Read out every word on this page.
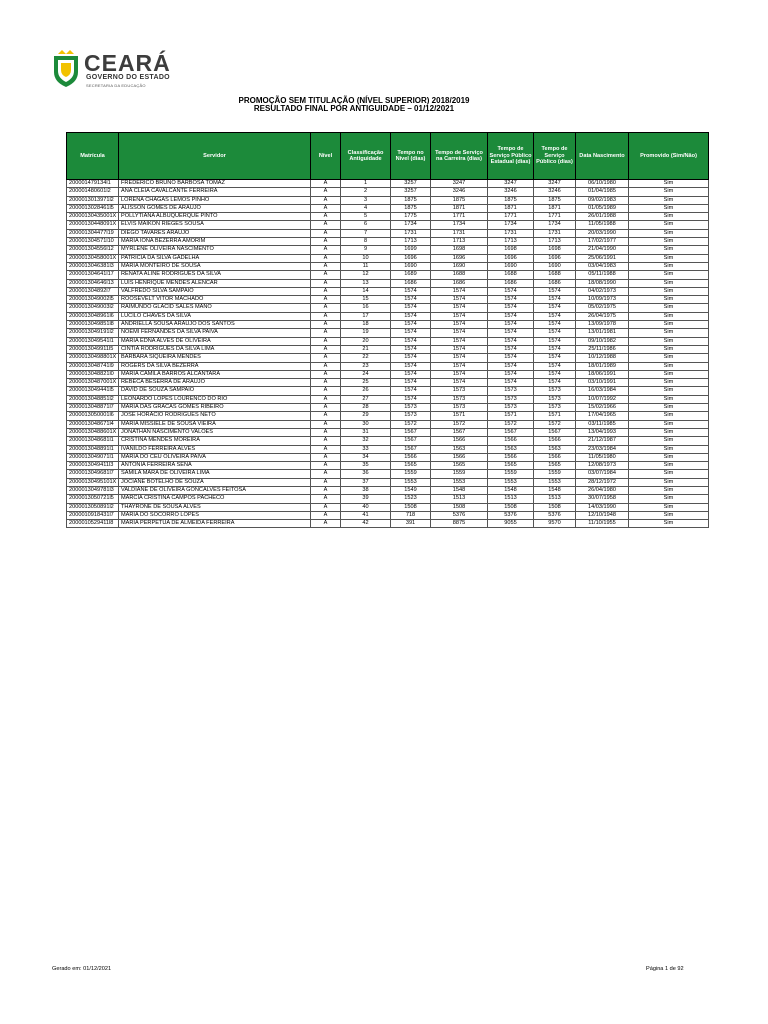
CEARÁ
GOVERNO DO ESTADO
SECRETARIA DA EDUCAÇÃO
PROMOÇÃO SEM TITULAÇÃO (NÍVEL SUPERIOR) 2018/2019
RESULTADO FINAL POR ANTIGUIDADE – 01/12/2021
Matrícula	Servidor	Nível	Classificação Antiguidade	Tempo no Nível (dias)	Tempo de Serviço na Carreira (dias)	Tempo de Serviço Público Estadual (dias)	Tempo de Serviço Público (dias)	Data Nascimento	Promovido (Sim/Não)
200001479134l1	FREDERICO BRUNO BARBOSA TOMAZ	A	1	3257	3247	3247	3247	06/10/1980	Sim
200001480601l2	ANA CLEIA CAVALCANTE FERREIRA	A	2	3257	3246	3246	3246	01/04/1985	Sim
2000013013971l2	LORENA CHAGAS LEMOS PINHO	A	3	1875	1875	1875	1875	09/02/1983	Sim
2000013028461l5	ALISSON GOMES DE ARAUJO	A	4	1875	1871	1871	1871	01/05/1989	Sim
20000130435001X	POLLYTIANA ALBUQUERQUE PINTO	A	5	1775	1771	1771	1771	26/01/1988	Sim
20000130448091X	ELVIS MAIKON RIEGES SOUSA	A	6	1734	1734	1734	1734	11/05/1988	Sim
200001304477l19	DIEGO TAVARES ARAUJO	A	7	1731	1731	1731	1731	20/03/1990	Sim
200001304571l10	MARIA IONA BEZERRA AMORIM	A	8	1713	1713	1713	1713	17/02/1977	Sim
200001304556l12	MYRLENE OLIVEIRA NASCIMENTO	A	9	1699	1698	1698	1698	21/04/1990	Sim
20000130458001X	PATRICIA DA SILVA GADELHA	A	10	1696	1696	1696	1696	25/06/1991	Sim
2000013046381l3	MARIA MONTEIRO DE SOUSA	A	11	1690	1690	1690	1690	03/04/1983	Sim
200001304641l17	RENATA ALINE RODRIGUES DA SILVA	A	12	1689	1688	1688	1688	05/11/1988	Sim
200001304646l13	LUIS HENRIQUE MENDES ALENCAR	A	13	1686	1686	1686	1686	18/08/1990	Sim
200001304892l7	VALFREDO SILVA SAMPAIO	A	14	1574	1574	1574	1574	04/02/1973	Sim
2000013049002l5	ROOSEVELT VITOR MACHADO	A	15	1574	1574	1574	1574	10/09/1973	Sim
2000013049003l2	RAIMUNDO GLACID SALES MANO	A	16	1574	1574	1574	1574	05/02/1975	Sim
2000013048961l6	LUCILO CHAVES DA SILVA	A	17	1574	1574	1574	1574	26/04/1975	Sim
2000013049851l8	ANDRIELLA SOUSA ARAUJO DOS SANTOS	A	18	1574	1574	1574	1574	13/09/1978	Sim
2000013049191l2	NOEMI FERNANDES DA SILVA PAIVA	A	19	1574	1574	1574	1574	13/01/1981	Sim
2000013049541l1	MARIA EDNA ALVES DE OLIVEIRA	A	20	1574	1574	1574	1574	09/10/1982	Sim
2000013049911l5	CINTIA RODRIGUES DA SILVA LIMA	A	21	1574	1574	1574	1574	25/11/1986	Sim
20000130498801X	BARBARA SIQUEIRA MENDES	A	22	1574	1574	1574	1574	10/12/1988	Sim
2000013048741l9	ROGERS DA SILVA BEZERRA	A	23	1574	1574	1574	1574	18/01/1989	Sim
2000013048821l0	MARIA CAMILA BARROS ALCANTARA	A	24	1574	1574	1574	1574	18/06/1991	Sim
20000130487001X	REBECA BESERRA DE ARAUJO	A	25	1574	1574	1574	1574	03/10/1991	Sim
2000013049441l5	DAVID DE SOUZA SAMPAIO	A	26	1574	1573	1573	1573	16/03/1984	Sim
2000013048851l2	LEONARDO LOPES LOURENCO DO RIO	A	27	1574	1573	1573	1573	10/07/1992	Sim
2000013048871l7	MARIA DAS GRACAS GOMES RIBEIRO	A	28	1573	1573	1573	1573	15/02/1966	Sim
2000013050001l6	JOSE HORACIO RODRIGUES NETO	A	29	1573	1571	1571	1571	17/04/1965	Sim
2000013048671l4	MARIA MISSIELE DE SOUSA VIEIRA	A	30	1572	1572	1572	1572	03/11/1985	Sim
20000130488601X	JONATHAN NASCIMENTO VALOES	A	31	1567	1567	1567	1567	13/04/1993	Sim
2000013048681l1	CRISTINA MENDES MOREIRA	A	32	1567	1566	1566	1566	21/12/1987	Sim
2000013048891l1	IVANILDO FERREIRA ALVES	A	33	1567	1563	1563	1563	23/03/1984	Sim
2000013049071l1	MARIA DO CEU OLIVEIRA PAIVA	A	34	1566	1566	1566	1566	11/05/1980	Sim
2000013049411l3	ANTONIA FERREIRA SENA	A	35	1565	1565	1565	1565	12/08/1973	Sim
2000013049681l7	SAMILA MARA DE OLIVEIRA LIMA	A	36	1559	1559	1559	1559	03/07/1984	Sim
20000130495101X	JOCIANE BOTELHO DE SOUZA	A	37	1553	1553	1553	1553	28/12/1972	Sim
2000013049781l3	VALDIANE DE OLIVEIRA GONCALVES FEITOSA	A	38	1549	1548	1548	1548	26/04/1980	Sim
2000013050721l5	MARCIA CRISTINA CAMPOS PACHECO	A	39	1523	1513	1513	1513	30/07/1958	Sim
2000013050891l2	THAYRONE DE SOUSA ALVES	A	40	1508	1508	1508	1508	14/03/1990	Sim
2000010918431l7	MARIA DO SOCORRO LOPES	A	41	718	5376	5376	5376	12/10/1948	Sim
2000010529411l8	MARIA PERPETUA DE ALMEIDA FERREIRA	A	42	391	8875	9055	9570	11/10/1955	Sim
Gerado em: 01/12/2021	Página 1 de 92
